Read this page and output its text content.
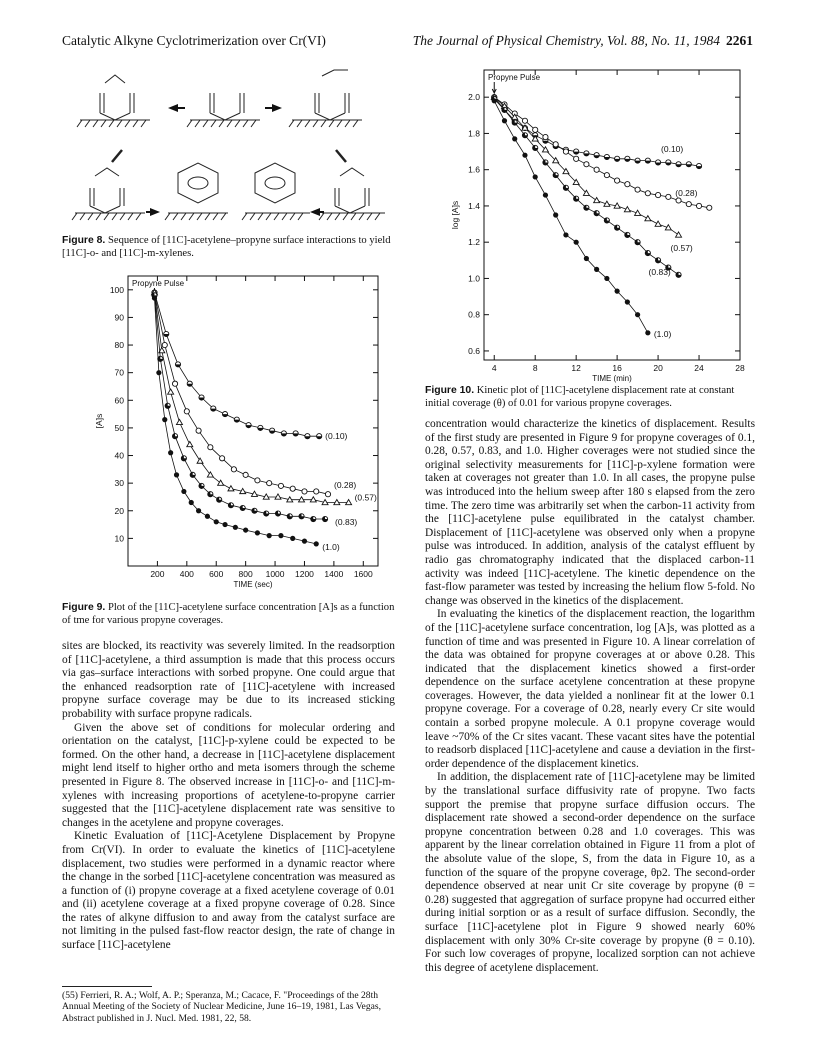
Catalytic Alkyne Cyclotrimerization over Cr(VI)	The Journal of Physical Chemistry, Vol. 88, No. 11, 1984 2261
Figure 8. Sequence of [11C]-acetylene–propyne surface interactions to yield [11C]-o- and [11C]-m-xylenes.
200 400 600 800 1000 1200 1400 1600
10
20
30
40
50
60
70
80
90
100
TIME (sec)
[A]s
Propyne Pulse
(0.10)
(0.28)
(0.57)
(0.83)
(1.0)
Figure 9. Plot of the [11C]-acetylene surface concentration [A]s as a function of tme for various propyne coverages.
4	8	12	16	20	24	28
0.6
0.8
1.0
1.2
1.4
1.6
1.8
2.0
TIME (min)
log [A]s
Propyne Pulse
(0.10)
(0.28)
(0.57)
(0.83)
(1.0)
Figure 10. Kinetic plot of [11C]-acetylene displacement rate at constant initial coverage (θ) of 0.01 for various propyne coverages.

sites are blocked, its reactivity was severely limited. In the readsorption of [11C]-acetylene, a third assumption is made that this process occurs via gas–surface interactions with sorbed propyne. One could argue that the enhanced readsorption rate of [11C]-acetylene with increased propyne surface coverage may be due to its increased sticking probability with surface propyne radicals.

Given the above set of conditions for molecular ordering and orientation on the catalyst, [11C]-p-xylene could be expected to be formed. On the other hand, a decrease in [11C]-acetylene displacement might lend itself to higher ortho and meta isomers through the scheme presented in Figure 8. The observed increase in [11C]-o- and [11C]-m-xylenes with increasing proportions of acetylene-to-propyne carrier suggested that the [11C]-acetylene displacement rate was sensitive to changes in the acetylene and propyne coverages.

Kinetic Evaluation of [11C]-Acetylene Displacement by Propyne from Cr(VI). In order to evaluate the kinetics of [11C]-acetylene displacement, two studies were performed in a dynamic reactor where the change in the sorbed [11C]-acetylene concentration was measured as a function of (i) propyne coverage at a fixed acetylene coverage of 0.01 and (ii) acetylene coverage at a fixed propyne coverage of 0.28. Since the rates of alkyne diffusion to and away from the catalyst surface are not limiting in the pulsed fast-flow reactor design, the rate of change in surface [11C]-acetylene

(55) Ferrieri, R. A.; Wolf, A. P.; Speranza, M.; Cacace, F. "Proceedings of the 28th Annual Meeting of the Society of Nuclear Medicine, June 16–19, 1981, Las Vegas, Abstract published in J. Nucl. Med. 1981, 22, 58.

concentration would characterize the kinetics of displacement. Results of the first study are presented in Figure 9 for propyne coverages of 0.1, 0.28, 0.57, 0.83, and 1.0. Higher coverages were not studied since the original selectivity measurements for [11C]-p-xylene formation were taken at coverages not greater than 1.0. In all cases, the propyne pulse was introduced into the helium sweep after 180 s elapsed from the zero time. The zero time was arbitrarily set when the carbon-11 activity from the [11C]-acetylene pulse equilibrated in the catalyst chamber. Displacement of [11C]-acetylene was observed only when a propyne pulse was introduced. In addition, analysis of the catalyst effluent by radio gas chromatography indicated that the displaced carbon-11 activity was indeed [11C]-acetylene. The kinetic dependence on the fast-flow parameter was tested by increasing the helium flow 5-fold. No change was observed in the kinetics of the displacement.

In evaluating the kinetics of the displacement reaction, the logarithm of the [11C]-acetylene surface concentration, log [A]s, was plotted as a function of time and was presented in Figure 10. A linear correlation of the data was obtained for propyne coverages at or above 0.28. This indicated that the displacement kinetics showed a first-order dependence on the surface acetylene concentration at these propyne coverages. However, the data yielded a nonlinear fit at the lower 0.1 propyne coverage. For a coverage of 0.28, nearly every Cr site would contain a sorbed propyne molecule. A 0.1 propyne coverage would leave ~70% of the Cr sites vacant. These vacant sites have the potential to readsorb displaced [11C]-acetylene and cause a deviation in the first-order dependence of the displacement kinetics.

In addition, the displacement rate of [11C]-acetylene may be limited by the translational surface diffusivity rate of propyne. Two facts support the premise that propyne surface diffusion occurs. The displacement rate showed a second-order dependence on the surface propyne concentration between 0.28 and 1.0 coverages. This was apparent by the linear correlation obtained in Figure 11 from a plot of the absolute value of the slope, S, from the data in Figure 10, as a function of the square of the propyne coverage, θp2. The second-order dependence observed at near unit Cr site coverage by propyne (θ = 0.28) suggested that aggregation of surface propyne had occurred either during initial sorption or as a result of surface diffusion. Secondly, the surface [11C]-acetylene plot in Figure 9 showed nearly 60% displacement with only 30% Cr-site coverage by propyne (θ = 0.10). For such low coverages of propyne, localized sorption can not achieve this degree of acetylene displacement.
